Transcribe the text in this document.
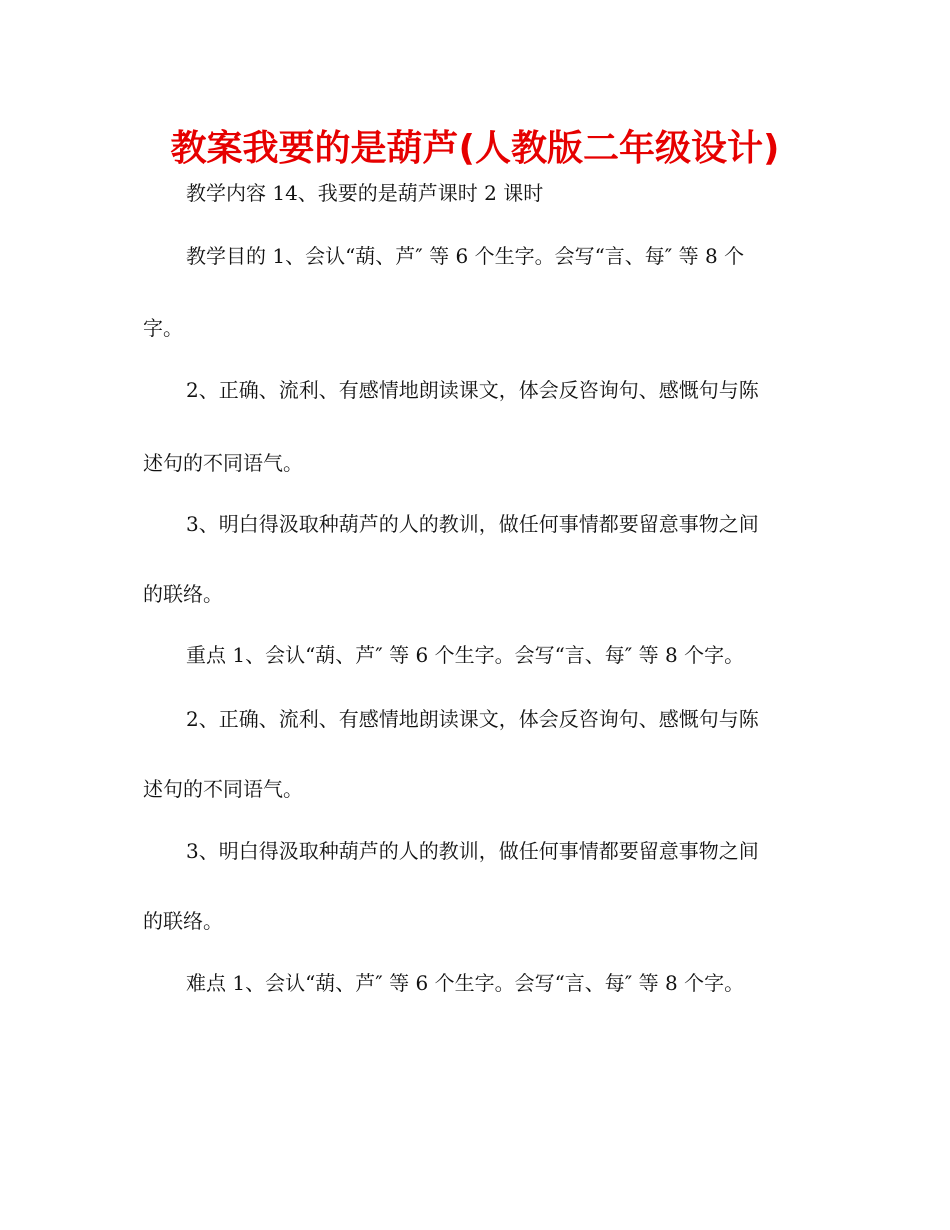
教案我要的是葫芦(人教版二年级设计)
教学内容 14、我要的是葫芦课时 2 课时
教学目的 1、会认“葫、芦″ 等 6 个生字。会写“言、每″ 等 8 个
字。
2、正确、流利、有感情地朗读课文，体会反咨询句、感慨句与陈
述句的不同语气。
3、明白得汲取种葫芦的人的教训，做任何事情都要留意事物之间
的联络。
重点 1、会认“葫、芦″ 等 6 个生字。会写“言、每″ 等 8 个字。
2、正确、流利、有感情地朗读课文，体会反咨询句、感慨句与陈
述句的不同语气。
3、明白得汲取种葫芦的人的教训，做任何事情都要留意事物之间
的联络。
难点 1、会认“葫、芦″ 等 6 个生字。会写“言、每″ 等 8 个字。
